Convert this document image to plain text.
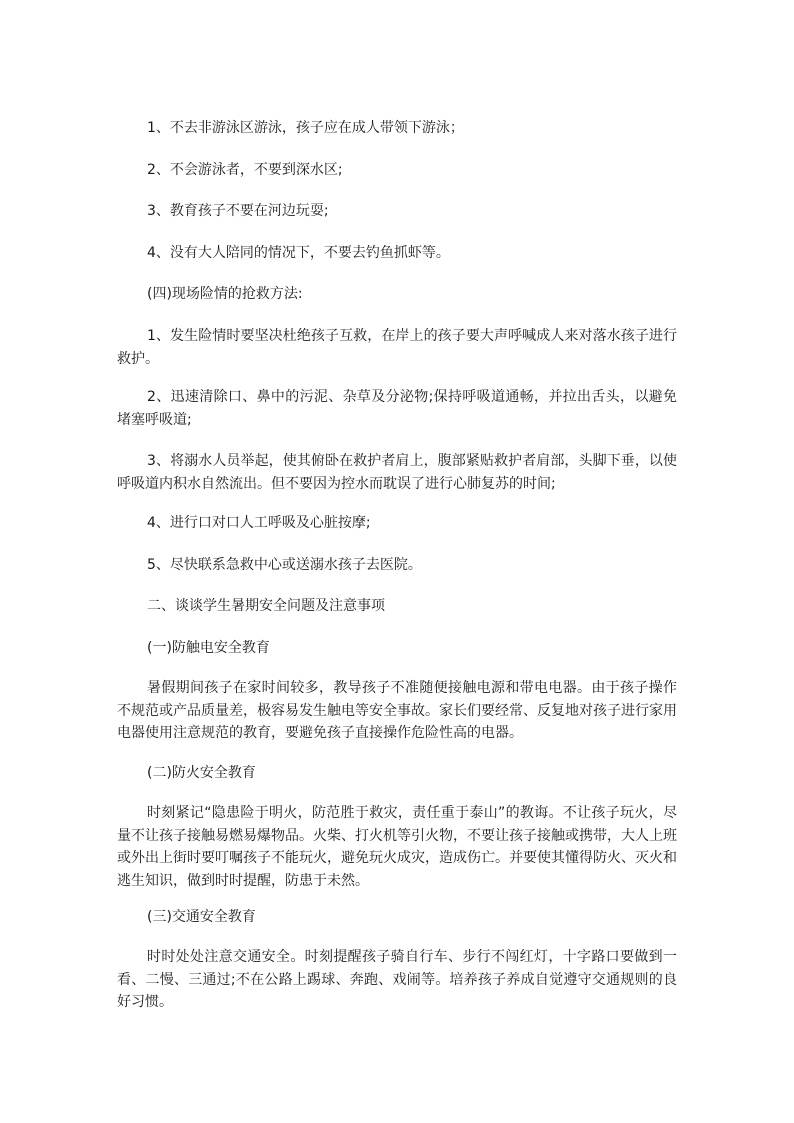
1、不去非游泳区游泳，孩子应在成人带领下游泳；

2、不会游泳者，不要到深水区;

3、教育孩子不要在河边玩耍;

4、没有大人陪同的情况下，不要去钓鱼抓虾等。

(四)现场险情的抢救方法:

1、发生险情时要坚决杜绝孩子互救，在岸上的孩子要大声呼喊成人来对落水孩子进行救护。

2、迅速清除口、鼻中的污泥、杂草及分泌物;保持呼吸道通畅，并拉出舌头，以避免堵塞呼吸道;

3、将溺水人员举起，使其俯卧在救护者肩上，腹部紧贴救护者肩部，头脚下垂，以使呼吸道内积水自然流出。但不要因为控水而耽误了进行心肺复苏的时间;

4、进行口对口人工呼吸及心脏按摩;

5、尽快联系急救中心或送溺水孩子去医院。

二、谈谈学生暑期安全问题及注意事项

(一)防触电安全教育

暑假期间孩子在家时间较多，教导孩子不准随便接触电源和带电电器。由于孩子操作不规范或产品质量差，极容易发生触电等安全事故。家长们要经常、反复地对孩子进行家用电器使用注意规范的教育，要避免孩子直接操作危险性高的电器。

(二)防火安全教育

时刻紧记“隐患险于明火，防范胜于救灾，责任重于泰山”的教诲。不让孩子玩火，尽量不让孩子接触易燃易爆物品。火柴、打火机等引火物，不要让孩子接触或携带，大人上班或外出上街时要叮嘱孩子不能玩火，避免玩火成灾，造成伤亡。并要使其懂得防火、灭火和逃生知识，做到时时提醒，防患于未然。

(三)交通安全教育

时时处处注意交通安全。时刻提醒孩子骑自行车、步行不闯红灯，十字路口要做到一看、二慢、三通过;不在公路上踢球、奔跑、戏闹等。培养孩子养成自觉遵守交通规则的良好习惯。
